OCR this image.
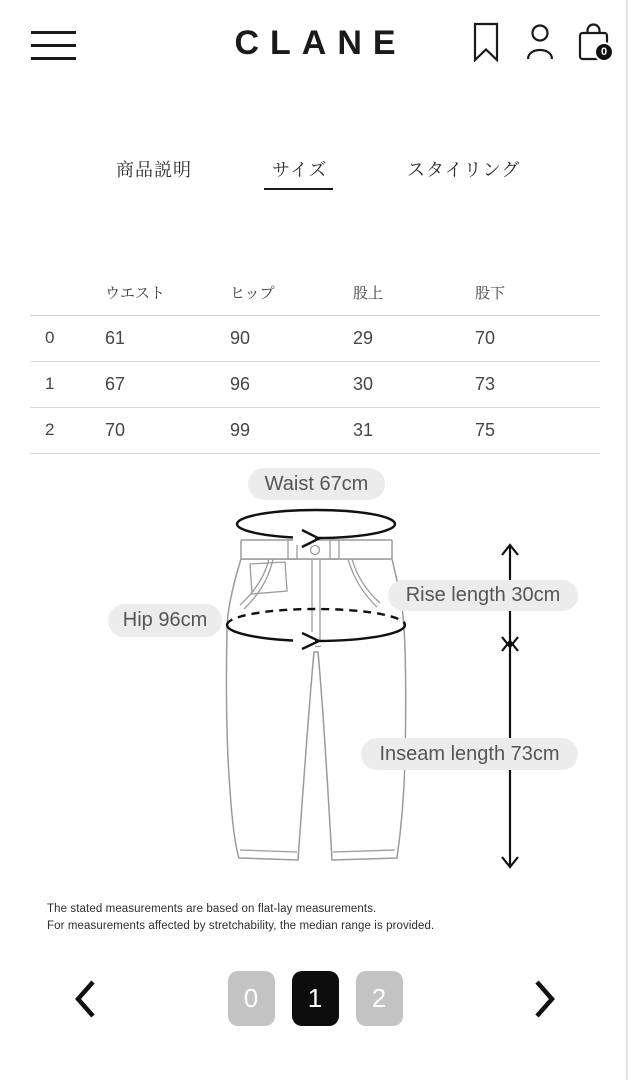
CLANE	0
商品説明	サイズ	スタイリング
	ウエスト	ヒップ	股上	股下
0	61	90	29	70
1	67	96	30	73
2	70	99	31	75
Waist 67cm
Hip 96cm
Rise length 30cm
Inseam length 73cm
The stated measurements are based on flat-lay measurements.
For measurements affected by stretchability, the median range is provided.
0	1	2
